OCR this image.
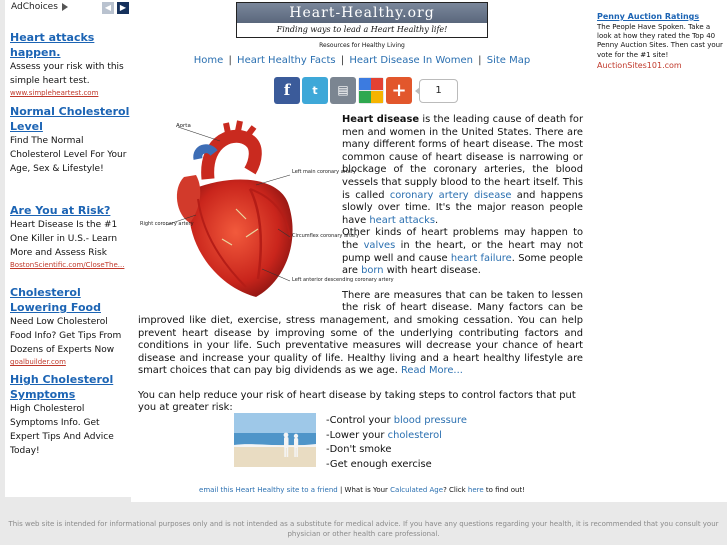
AdChoices	◀	▶
Heart attacks happen.
Assess your risk with this simple heart test.
www.simpleheartest.com
Normal Cholesterol Level
Find The Normal Cholesterol Level For Your Age, Sex & Lifestyle!
Are You at Risk?
Heart Disease Is the #1 One Killer in U.S.- Learn More and Assess Risk
BostonScientific.com/CloseThe...
Cholesterol Lowering Food
Need Low Cholesterol Food Info? Get Tips From Dozens of Experts Now
goalbuilder.com
High Cholesterol Symptoms
High Cholesterol Symptoms Info. Get Expert Tips And Advice Today!
Heart-Healthy.org
Finding ways to lead a Heart Healthy life!
Resources for Healthy Living
Home | Heart Healthy Facts | Heart Disease In Women | Site Map
f	t	▤	+	1
Aorta
Left main coronary artery
Right coronary artery
Circumflex coronary artery
Left anterior descending coronary artery
Heart disease is the leading cause of death for men and women in the United States. There are many different forms of heart disease. The most common cause of heart disease is narrowing or blockage of the coronary arteries, the blood vessels that supply blood to the heart itself. This is called coronary artery disease and happens slowly over time. It's the major reason people have heart attacks.
Other kinds of heart problems may happen to the valves in the heart, or the heart may not pump well and cause heart failure. Some people are born with heart disease.
There are measures that can be taken to lessen the risk of heart disease. Many factors can be improved like diet, exercise, stress management, and smoking cessation. You can help prevent heart disease by improving some of the underlying contributing factors and conditions in your life. Such preventative measures will decrease your chance of heart disease and increase your quality of life. Healthy living and a heart healthy lifestyle are smart choices that can pay big dividends as we age. Read More...
You can help reduce your risk of heart disease by taking steps to control factors that put you at greater risk:
-Control your blood pressure
-Lower your cholesterol
-Don't smoke
-Get enough exercise
email this Heart Healthy site to a friend | What is Your Calculated Age? Click here to find out!
Penny Auction Ratings
The People Have Spoken. Take a look at how they rated the Top 40 Penny Auction Sites. Then cast your vote for the #1 site!
AuctionSites101.com
This web site is intended for informational purposes only and is not intended as a substitute for medical advice. If you have any questions regarding your health, it is recommended that you consult your physician or other health care professional.
